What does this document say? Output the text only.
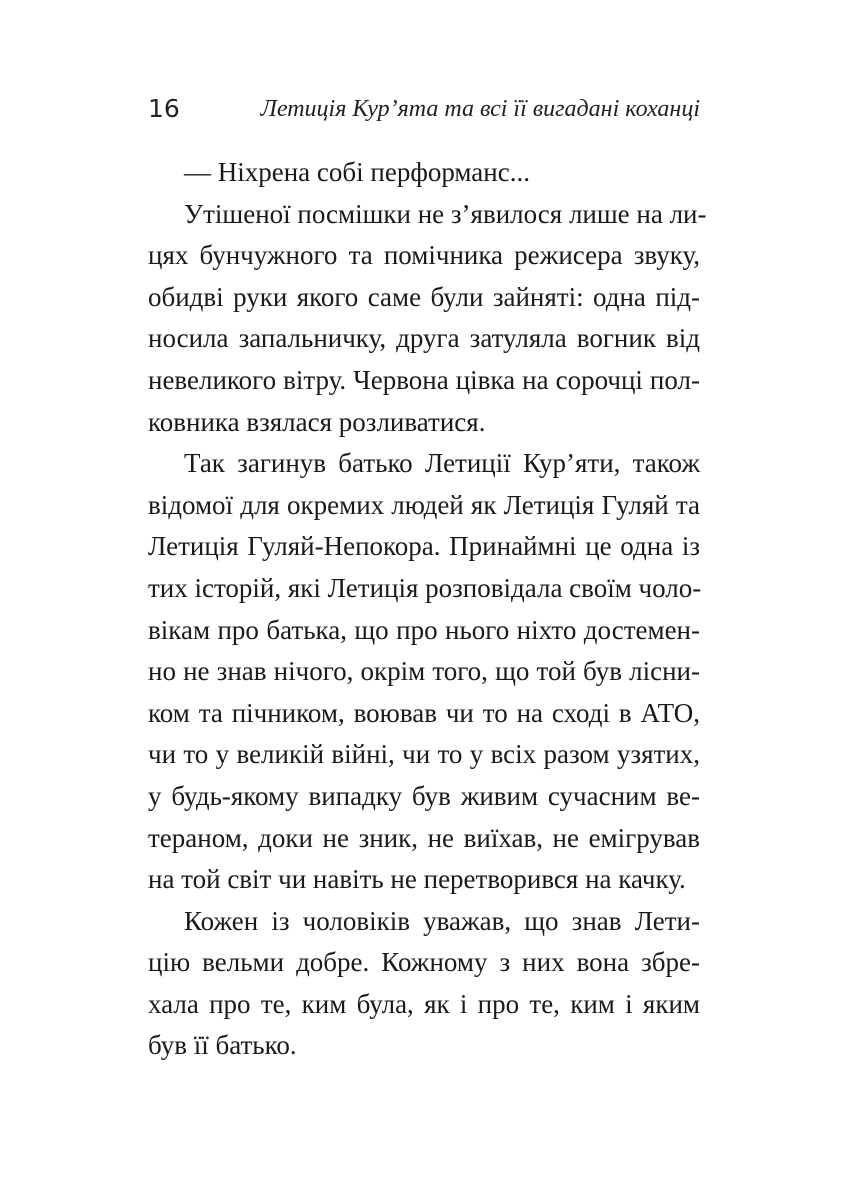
16	Летиція Кур’ята та всі її вигадані коханці
— Ніхрена собі перформанс...
Утішеної посмішки не з’явилося лише на ли-
цях бунчужного та помічника режисера звуку,
обидві руки якого саме були зайняті: одна під-
носила запальничку, друга затуляла вогник від
невеликого вітру. Червона цівка на сорочці пол-
ковника взялася розливатися.
Так загинув батько Летиції Кур’яти, також
відомої для окремих людей як Летиція Гуляй та
Летиція Гуляй-Непокора. Принаймні це одна із
тих історій, які Летиція розповідала своїм чоло-
вікам про батька, що про нього ніхто достемен-
но не знав нічого, окрім того, що той був лісни-
ком та пічником, воював чи то на сході в АТО,
чи то у великій війні, чи то у всіх разом узятих,
у будь-якому випадку був живим сучасним ве-
тераном, доки не зник, не виїхав, не емігрував
на той світ чи навіть не перетворився на качку.
Кожен із чоловіків уважав, що знав Лети-
цію вельми добре. Кожному з них вона збре-
хала про те, ким була, як і про те, ким і яким
був її батько.
